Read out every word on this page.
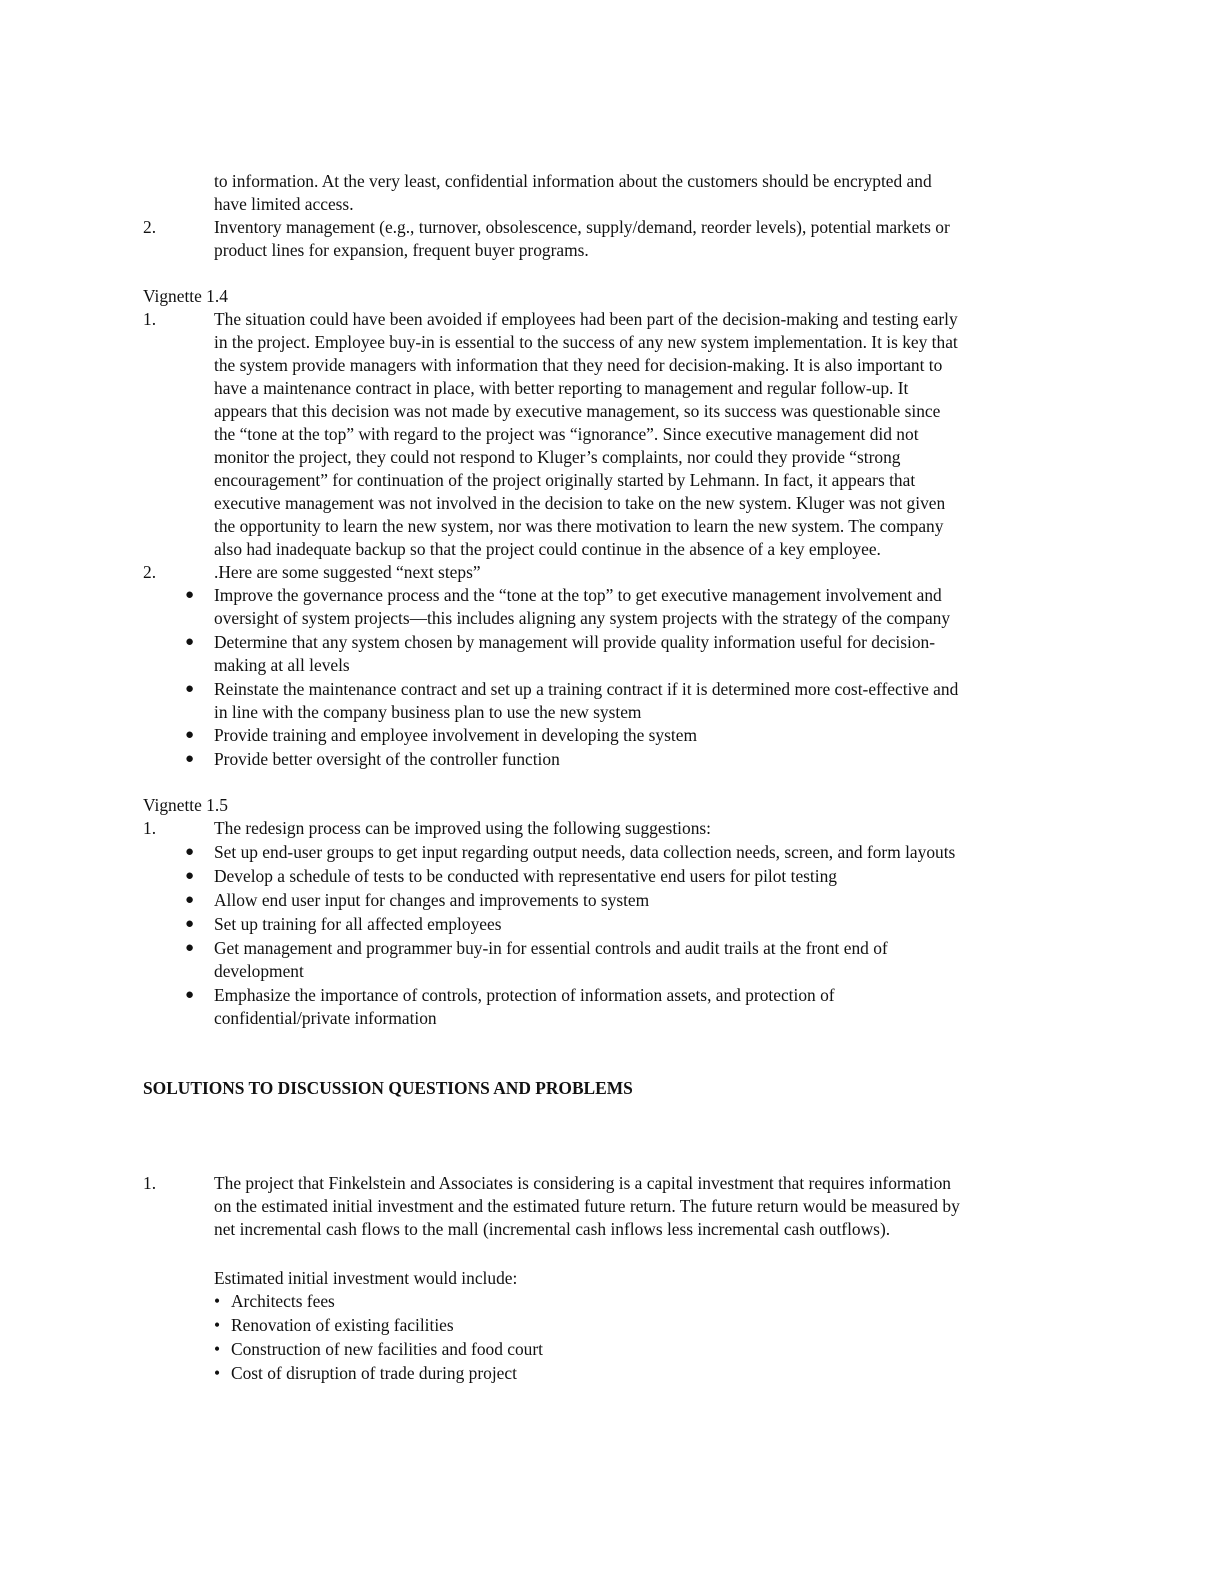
to information. At the very least, confidential information about the customers should be encrypted and
have limited access.
2.	Inventory management (e.g., turnover, obsolescence, supply/demand, reorder levels), potential markets or
product lines for expansion, frequent buyer programs.
Vignette 1.4
1.	The situation could have been avoided if employees had been part of the decision-making and testing early
in the project. Employee buy-in is essential to the success of any new system implementation. It is key that
the system provide managers with information that they need for decision-making. It is also important to
have a maintenance contract in place, with better reporting to management and regular follow-up. It
appears that this decision was not made by executive management, so its success was questionable since
the “tone at the top” with regard to the project was “ignorance”. Since executive management did not
monitor the project, they could not respond to Kluger’s complaints, nor could they provide “strong
encouragement” for continuation of the project originally started by Lehmann. In fact, it appears that
executive management was not involved in the decision to take on the new system. Kluger was not given
the opportunity to learn the new system, nor was there motivation to learn the new system. The company
also had inadequate backup so that the project could continue in the absence of a key employee.
2.	.Here are some suggested “next steps”
● Improve the governance process and the “tone at the top” to get executive management involvement and
oversight of system projects—this includes aligning any system projects with the strategy of the company
● Determine that any system chosen by management will provide quality information useful for decision-
making at all levels
● Reinstate the maintenance contract and set up a training contract if it is determined more cost-effective and
in line with the company business plan to use the new system
● Provide training and employee involvement in developing the system
● Provide better oversight of the controller function
Vignette 1.5
1.	The redesign process can be improved using the following suggestions:
● Set up end-user groups to get input regarding output needs, data collection needs, screen, and form layouts
● Develop a schedule of tests to be conducted with representative end users for pilot testing
● Allow end user input for changes and improvements to system
● Set up training for all affected employees
● Get management and programmer buy-in for essential controls and audit trails at the front end of
development
● Emphasize the importance of controls, protection of information assets, and protection of
confidential/private information
SOLUTIONS TO DISCUSSION QUESTIONS AND PROBLEMS
1.	The project that Finkelstein and Associates is considering is a capital investment that requires information
on the estimated initial investment and the estimated future return. The future return would be measured by
net incremental cash flows to the mall (incremental cash inflows less incremental cash outflows).
Estimated initial investment would include:
• Architects fees
• Renovation of existing facilities
• Construction of new facilities and food court
• Cost of disruption of trade during project
